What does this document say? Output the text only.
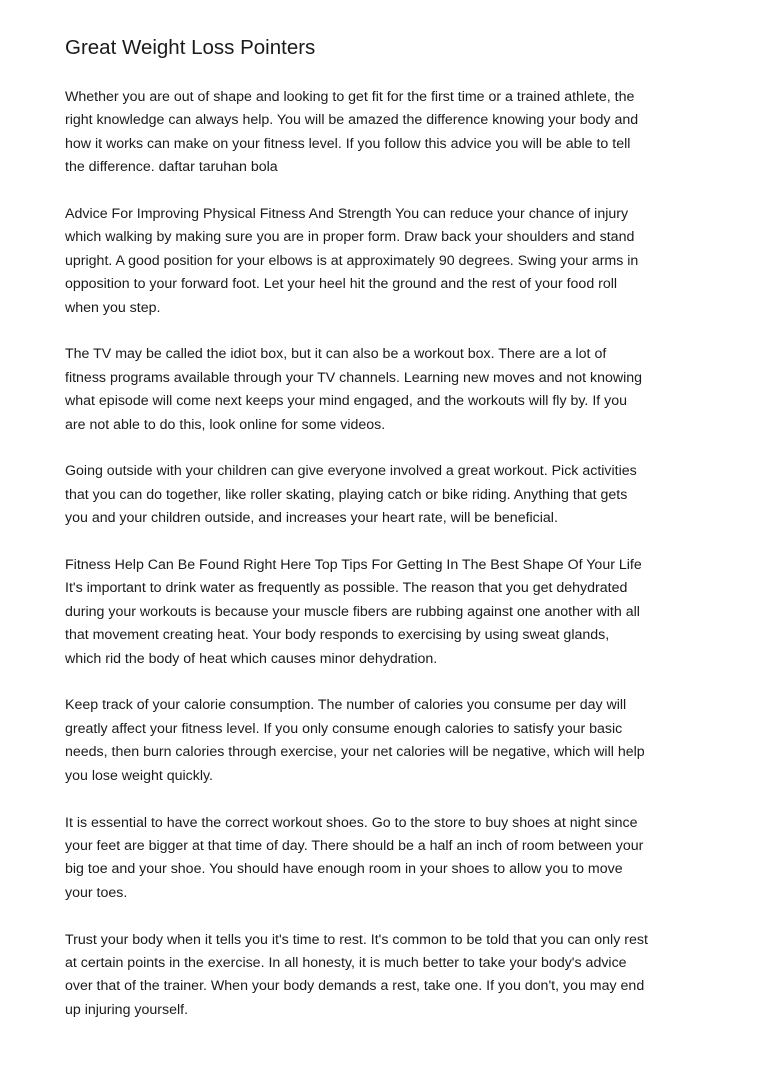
Great Weight Loss Pointers

Whether you are out of shape and looking to get fit for the first time or a trained athlete, the
right knowledge can always help. You will be amazed the difference knowing your body and
how it works can make on your fitness level. If you follow this advice you will be able to tell
the difference. daftar taruhan bola

Advice For Improving Physical Fitness And Strength You can reduce your chance of injury
which walking by making sure you are in proper form. Draw back your shoulders and stand
upright. A good position for your elbows is at approximately 90 degrees. Swing your arms in
opposition to your forward foot. Let your heel hit the ground and the rest of your food roll
when you step.

The TV may be called the idiot box, but it can also be a workout box. There are a lot of
fitness programs available through your TV channels. Learning new moves and not knowing
what episode will come next keeps your mind engaged, and the workouts will fly by. If you
are not able to do this, look online for some videos.

Going outside with your children can give everyone involved a great workout. Pick activities
that you can do together, like roller skating, playing catch or bike riding. Anything that gets
you and your children outside, and increases your heart rate, will be beneficial.

Fitness Help Can Be Found Right Here Top Tips For Getting In The Best Shape Of Your Life
It's important to drink water as frequently as possible. The reason that you get dehydrated
during your workouts is because your muscle fibers are rubbing against one another with all
that movement creating heat. Your body responds to exercising by using sweat glands,
which rid the body of heat which causes minor dehydration.

Keep track of your calorie consumption. The number of calories you consume per day will
greatly affect your fitness level. If you only consume enough calories to satisfy your basic
needs, then burn calories through exercise, your net calories will be negative, which will help
you lose weight quickly.

It is essential to have the correct workout shoes. Go to the store to buy shoes at night since
your feet are bigger at that time of day. There should be a half an inch of room between your
big toe and your shoe. You should have enough room in your shoes to allow you to move
your toes.

Trust your body when it tells you it's time to rest. It's common to be told that you can only rest
at certain points in the exercise. In all honesty, it is much better to take your body's advice
over that of the trainer. When your body demands a rest, take one. If you don't, you may end
up injuring yourself.
